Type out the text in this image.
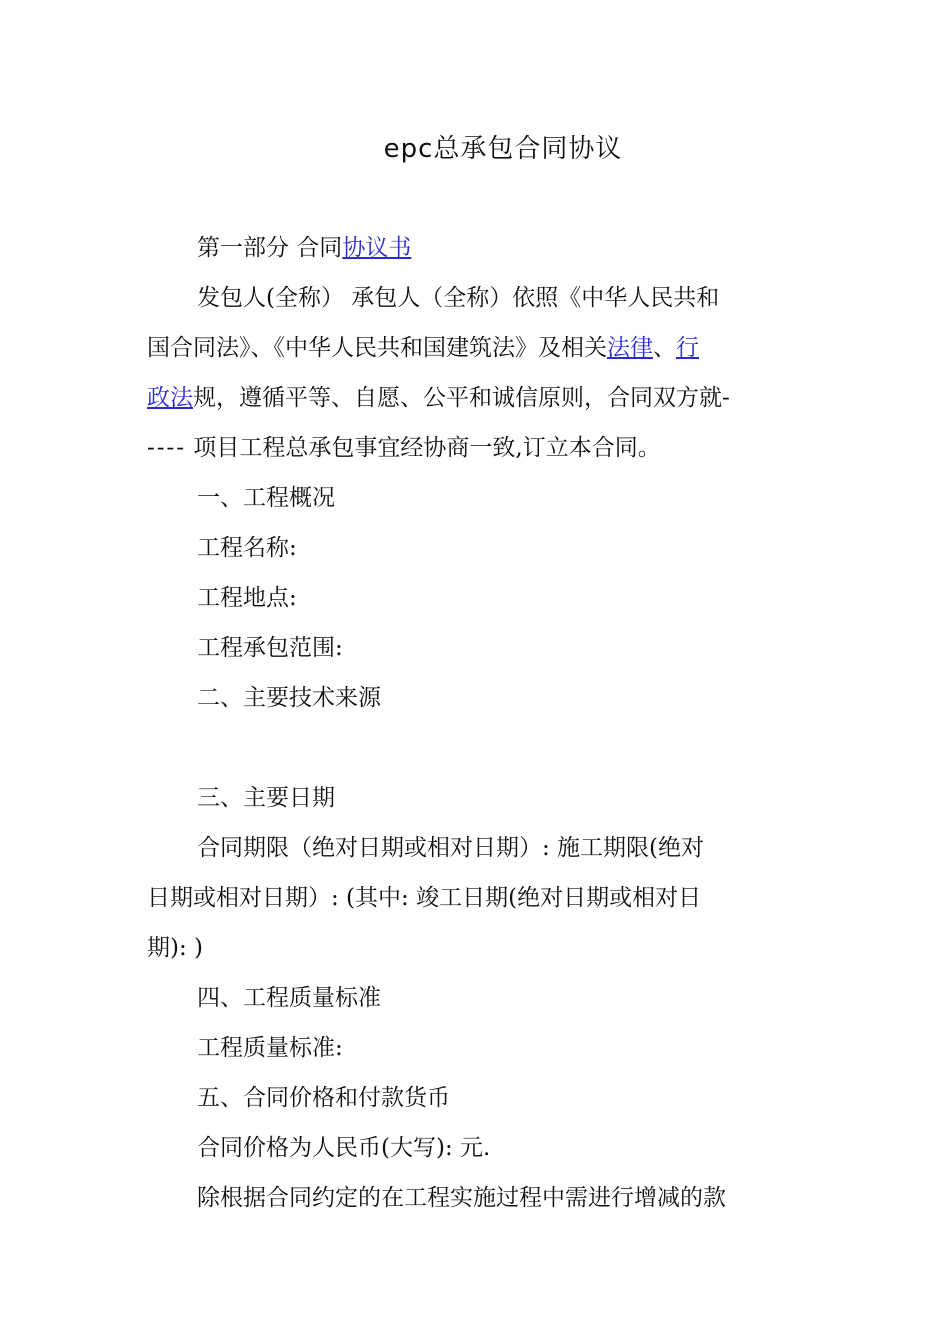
epc总承包合同协议
第一部分 合同协议书
发包人(全称） 承包人（全称）依照《中华人民共和
国合同法》、《中华人民共和国建筑法》及相关法律、行
政法规，遵循平等、自愿、公平和诚信原则，合同双方就-
---- 项目工程总承包事宜经协商一致,订立本合同。
一、工程概况
工程名称:
工程地点:
工程承包范围:
二、主要技术来源
三、主要日期
合同期限（绝对日期或相对日期）: 施工期限(绝对
日期或相对日期）: (其中: 竣工日期(绝对日期或相对日
期): )
四、工程质量标准
工程质量标准:
五、合同价格和付款货币
合同价格为人民币(大写): 元.
除根据合同约定的在工程实施过程中需进行增减的款
